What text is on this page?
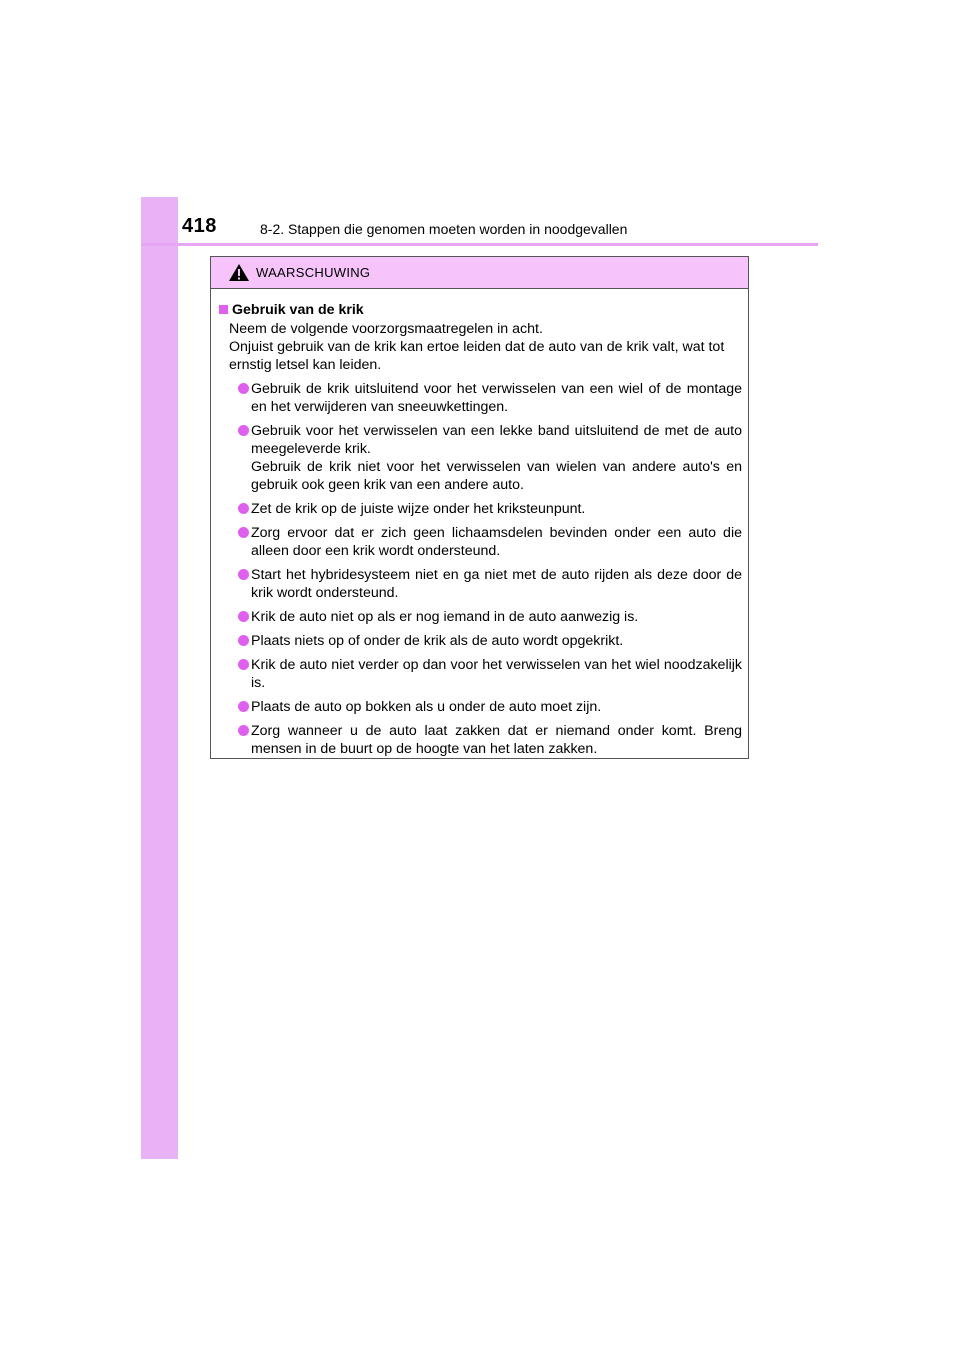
418	8-2. Stappen die genomen moeten worden in noodgevallen
WAARSCHUWING
Gebruik van de krik

Neem de volgende voorzorgsmaatregelen in acht.

Onjuist gebruik van de krik kan ertoe leiden dat de auto van de krik valt, wat tot ernstig letsel kan leiden.

Gebruik de krik uitsluitend voor het verwisselen van een wiel of de montage en het verwijderen van sneeuwkettingen.
Gebruik voor het verwisselen van een lekke band uitsluitend de met de auto meegeleverde krik.
Gebruik de krik niet voor het verwisselen van wielen van andere auto's en gebruik ook geen krik van een andere auto.
Zet de krik op de juiste wijze onder het kriksteunpunt.
Zorg ervoor dat er zich geen lichaamsdelen bevinden onder een auto die alleen door een krik wordt ondersteund.
Start het hybridesysteem niet en ga niet met de auto rijden als deze door de krik wordt ondersteund.
Krik de auto niet op als er nog iemand in de auto aanwezig is.
Plaats niets op of onder de krik als de auto wordt opgekrikt.
Krik de auto niet verder op dan voor het verwisselen van het wiel noodzakelijk is.
Plaats de auto op bokken als u onder de auto moet zijn.
Zorg wanneer u de auto laat zakken dat er niemand onder komt. Breng mensen in de buurt op de hoogte van het laten zakken.
